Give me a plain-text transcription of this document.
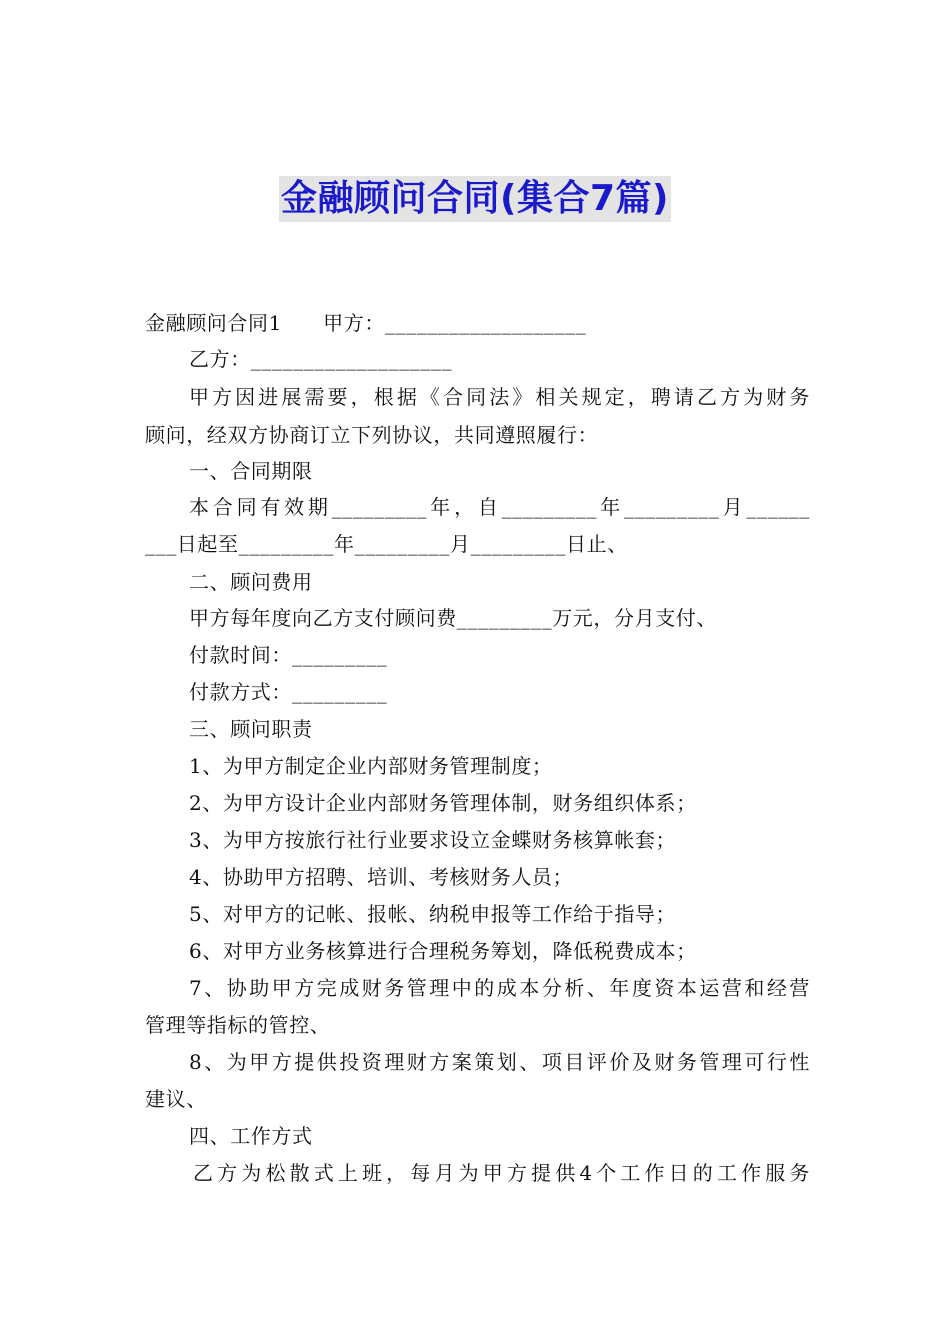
金融顾问合同(集合7篇)
金融顾问合同1　　甲方：___________________
乙方：___________________
甲方因进展需要，根据《合同法》相关规定，聘请乙方为财务
顾问，经双方协商订立下列协议，共同遵照履行：
一、合同期限
本合同有效期_________年，自_________年_________月______
___日起至_________年_________月_________日止、
二、顾问费用
甲方每年度向乙方支付顾问费_________万元，分月支付、
付款时间：_________
付款方式：_________
三、顾问职责
1、为甲方制定企业内部财务管理制度；
2、为甲方设计企业内部财务管理体制，财务组织体系；
3、为甲方按旅行社行业要求设立金蝶财务核算帐套；
4、协助甲方招聘、培训、考核财务人员；
5、对甲方的记帐、报帐、纳税申报等工作给于指导；
6、对甲方业务核算进行合理税务筹划，降低税费成本；
7、协助甲方完成财务管理中的成本分析、年度资本运营和经营
管理等指标的管控、
8、为甲方提供投资理财方案策划、项目评价及财务管理可行性
建议、
四、工作方式
乙方为松散式上班，每月为甲方提供4个工作日的工作服务
